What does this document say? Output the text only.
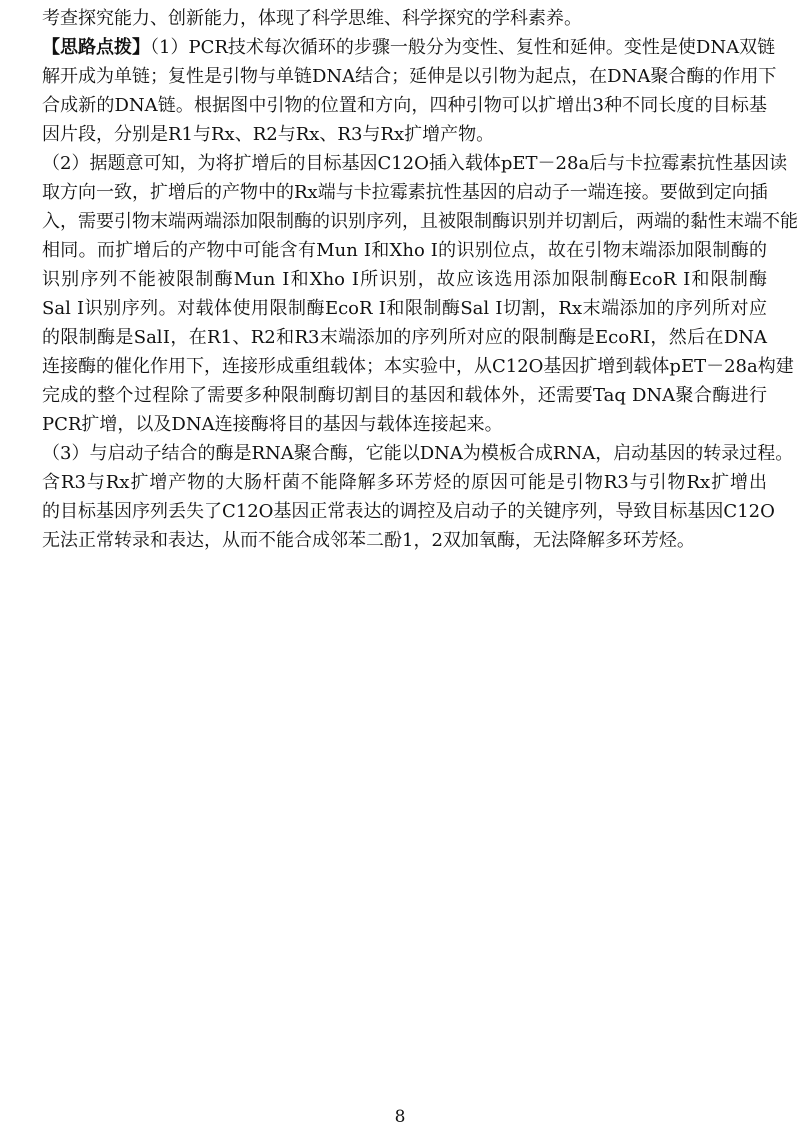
考查探究能力、创新能力，体现了科学思维、科学探究的学科素养。
【思路点拨】（1）PCR技术每次循环的步骤一般分为变性、复性和延伸。变性是使DNA双链
解开成为单链；复性是引物与单链DNA结合；延伸是以引物为起点，在DNA聚合酶的作用下
合成新的DNA链。根据图中引物的位置和方向，四种引物可以扩增出3种不同长度的目标基
因片段，分别是R1与Rx、R2与Rx、R3与Rx扩增产物。
（2）据题意可知，为将扩增后的目标基因C12O插入载体pET－28a后与卡拉霉素抗性基因读
取方向一致，扩增后的产物中的Rx端与卡拉霉素抗性基因的启动子一端连接。要做到定向插
入，需要引物末端两端添加限制酶的识别序列，且被限制酶识别并切割后，两端的黏性末端不能
相同。而扩增后的产物中可能含有Mun Ⅰ和Xho Ⅰ的识别位点，故在引物末端添加限制酶的
识别序列不能被限制酶Mun Ⅰ和Xho Ⅰ所识别，故应该选用添加限制酶EcoR Ⅰ和限制酶
Sal Ⅰ识别序列。对载体使用限制酶EcoR Ⅰ和限制酶Sal Ⅰ切割，Rx末端添加的序列所对应
的限制酶是SalⅠ，在R1、R2和R3末端添加的序列所对应的限制酶是EcoRⅠ，然后在DNA
连接酶的催化作用下，连接形成重组载体；本实验中，从C12O基因扩增到载体pET－28a构建
完成的整个过程除了需要多种限制酶切割目的基因和载体外，还需要Taq DNA聚合酶进行
PCR扩增，以及DNA连接酶将目的基因与载体连接起来。
（3）与启动子结合的酶是RNA聚合酶，它能以DNA为模板合成RNA，启动基因的转录过程。
含R3与Rx扩增产物的大肠杆菌不能降解多环芳烃的原因可能是引物R3与引物Rx扩增出
的目标基因序列丢失了C12O基因正常表达的调控及启动子的关键序列，导致目标基因C12O
无法正常转录和表达，从而不能合成邻苯二酚1，2双加氧酶，无法降解多环芳烃。
8
